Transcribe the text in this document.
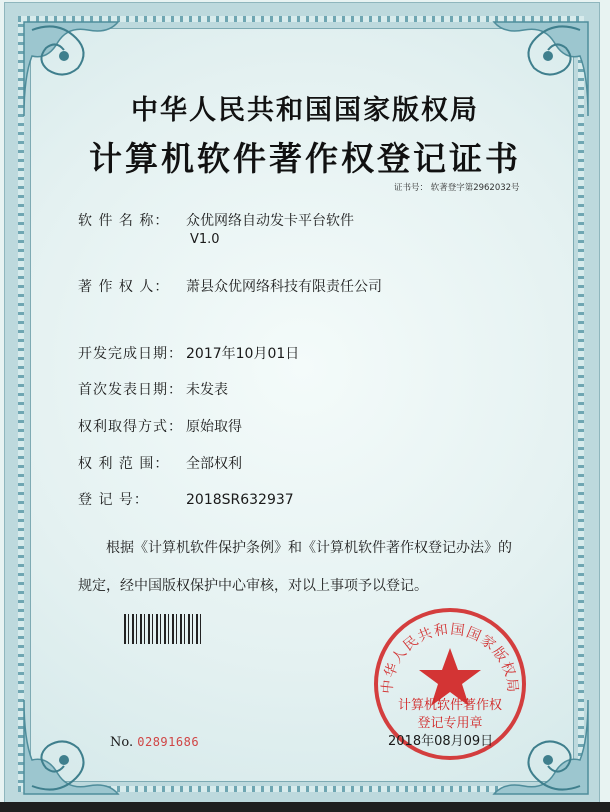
中华人民共和国国家版权局
计算机软件著作权登记证书
证书号： 软著登字第2962032号
软 件 名 称： 众优网络自动发卡平台软件
V1.0
著 作 权 人： 萧县众优网络科技有限责任公司
开发完成日期： 2017年10月01日
首次发表日期： 未发表
权利取得方式： 原始取得
权 利 范 围： 全部权利
登 记 号：	2018SR632937
根据《计算机软件保护条例》和《计算机软件著作权登记办法》的
规定，经中国版权保护中心审核，对以上事项予以登记。
中华人民共和国国家版权局
计算机软件著作权
登记专用章
No. 02891686	2018年08月09日
